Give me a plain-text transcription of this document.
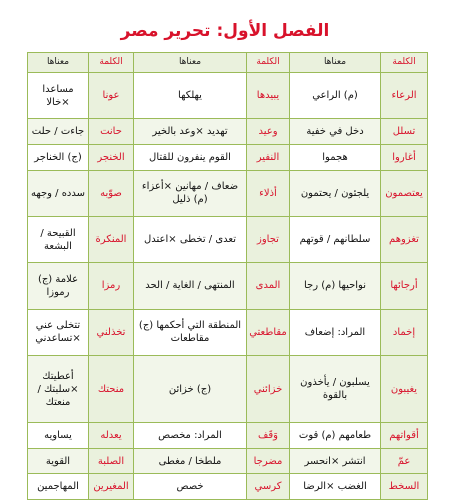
الفصل الأول: تحرير مصر
الكلمة	معناها	الكلمة	معناها	الكلمة	معناها
الرعاء	(م) الراعي	يبيدها	يهلكها	عونا	مساعدا ×خالا
تسلل	دخل في خفية	وعيد	تهديد ×وعد بالخير	حانت	جاءت / حلت
أغاروا	هجموا	النفير	القوم ينفرون للقتال	الخنجر	(ج) الخناجر
يعتصمون	يلجئون / يحتمون	أذلاء	ضعاف / مهانين ×أعزاء (م) ذليل	صوّبه	سدده / وجهه
تغزوهم	سلطانهم / قوتهم	تجاوز	تعدى / تخطى ×اعتدل	المنكرة	القبيحة / البشعة
أرجائها	نواحيها (م) رجا	المدى	المنتهى / الغاية / الحد	رمزا	علامة (ج) رموزا
إخماد	المراد: إضعاف	مقاطعتي	المنطقة التي أحكمها (ج) مقاطعات	تخذلني	تتخلى عني ×تساعدني
يغيبون	يسلبون / يأخذون بالقوة	خزائني	(ج) خزائن	منحتك	أعطيتك ×سلبتك / منعتك
أقواتهم	طعامهم (م) قوت	وَقَف	المراد: مخصص	يعدله	يساويه
عمّ	انتشر ×انحسر	مضرجا	ملطخا / مغطى	الصلبة	القوية
السخط	الغضب ×الرضا	كرسي	خصص	المغيرين	المهاجمين
